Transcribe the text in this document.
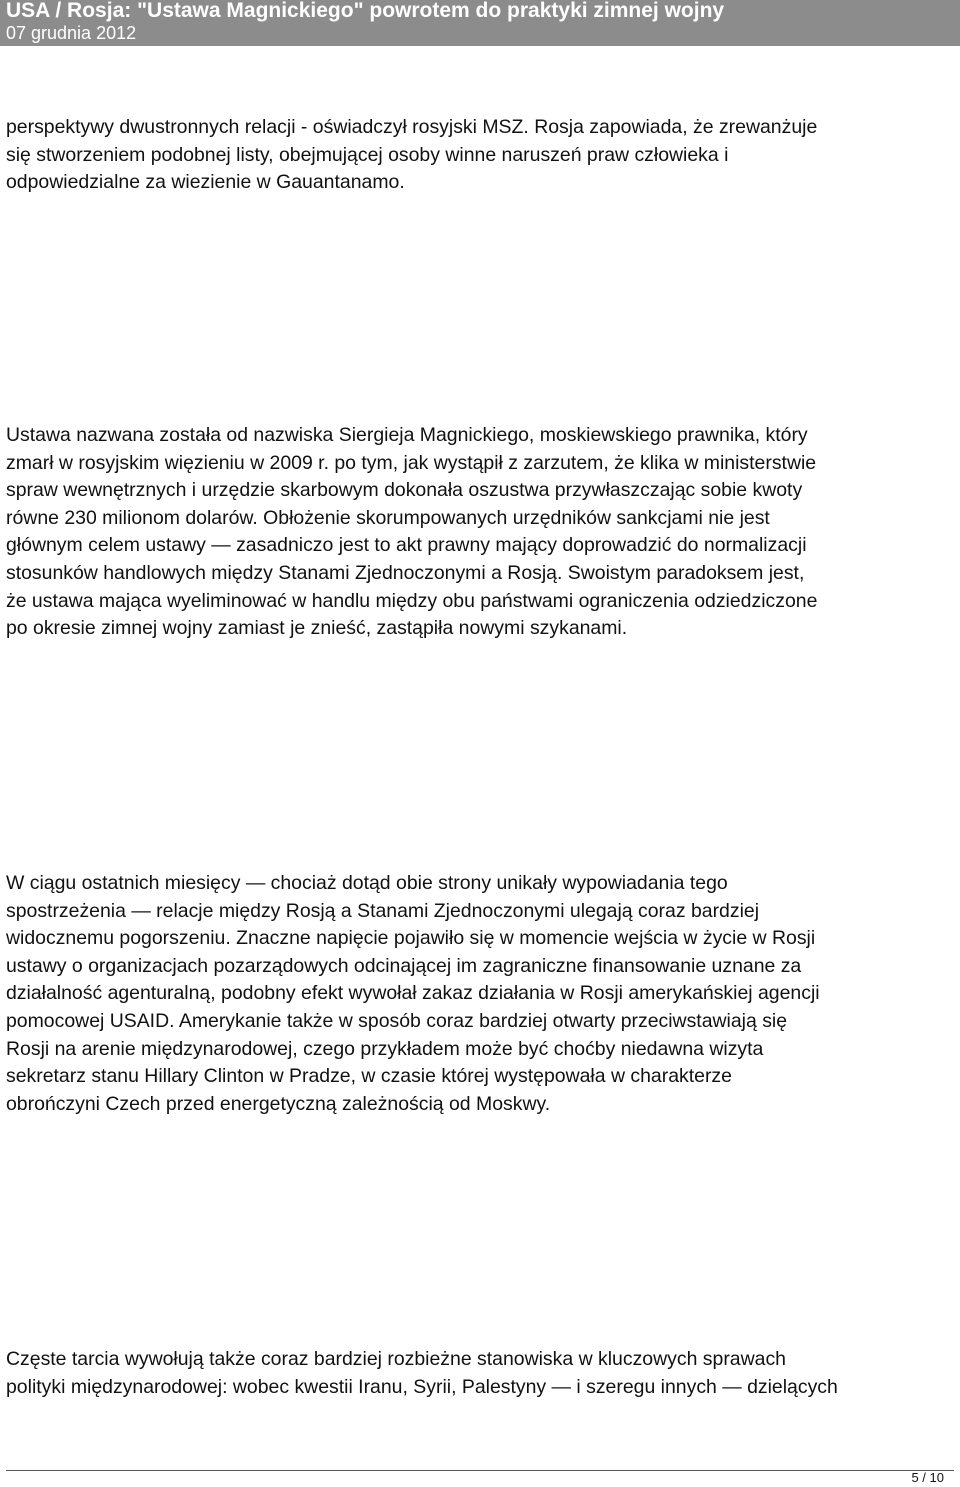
USA / Rosja: "Ustawa Magnickiego" powrotem do praktyki zimnej wojny
07 grudnia 2012
perspektywy dwustronnych relacji - oświadczył rosyjski MSZ. Rosja zapowiada, że zrewanżuje
się stworzeniem podobnej listy, obejmującej osoby winne naruszeń praw człowieka i
odpowiedzialne za wiezienie w Gauantanamo.
Ustawa nazwana została od nazwiska Siergieja Magnickiego, moskiewskiego prawnika, który
zmarł w rosyjskim więzieniu w 2009 r. po tym, jak wystąpił z zarzutem, że klika w ministerstwie
spraw wewnętrznych i urzędzie skarbowym dokonała oszustwa przywłaszczając sobie kwoty
równe 230 milionom dolarów. Obłożenie skorumpowanych urzędników sankcjami nie jest
głównym celem ustawy — zasadniczo jest to akt prawny mający doprowadzić do normalizacji
stosunków handlowych między Stanami Zjednoczonymi a Rosją. Swoistym paradoksem jest,
że ustawa mająca wyeliminować w handlu między obu państwami ograniczenia odziedziczone
po okresie zimnej wojny zamiast je znieść, zastąpiła nowymi szykanami.
W ciągu ostatnich miesięcy — chociaż dotąd obie strony unikały wypowiadania tego
spostrzeżenia — relacje między Rosją a Stanami Zjednoczonymi ulegają coraz bardziej
widocznemu pogorszeniu. Znaczne napięcie pojawiło się w momencie wejścia w życie w Rosji
ustawy o organizacjach pozarządowych odcinającej im zagraniczne finansowanie uznane za
działalność agenturalną, podobny efekt wywołał zakaz działania w Rosji amerykańskiej agencji
pomocowej USAID. Amerykanie także w sposób coraz bardziej otwarty przeciwstawiają się
Rosji na arenie międzynarodowej, czego przykładem może być choćby niedawna wizyta
sekretarz stanu Hillary Clinton w Pradze, w czasie której występowała w charakterze
obrończyni Czech przed energetyczną zależnością od Moskwy.
Częste tarcia wywołują także coraz bardziej rozbieżne stanowiska w kluczowych sprawach
polityki międzynarodowej: wobec kwestii Iranu, Syrii, Palestyny — i szeregu innych — dzielących
5 / 10
